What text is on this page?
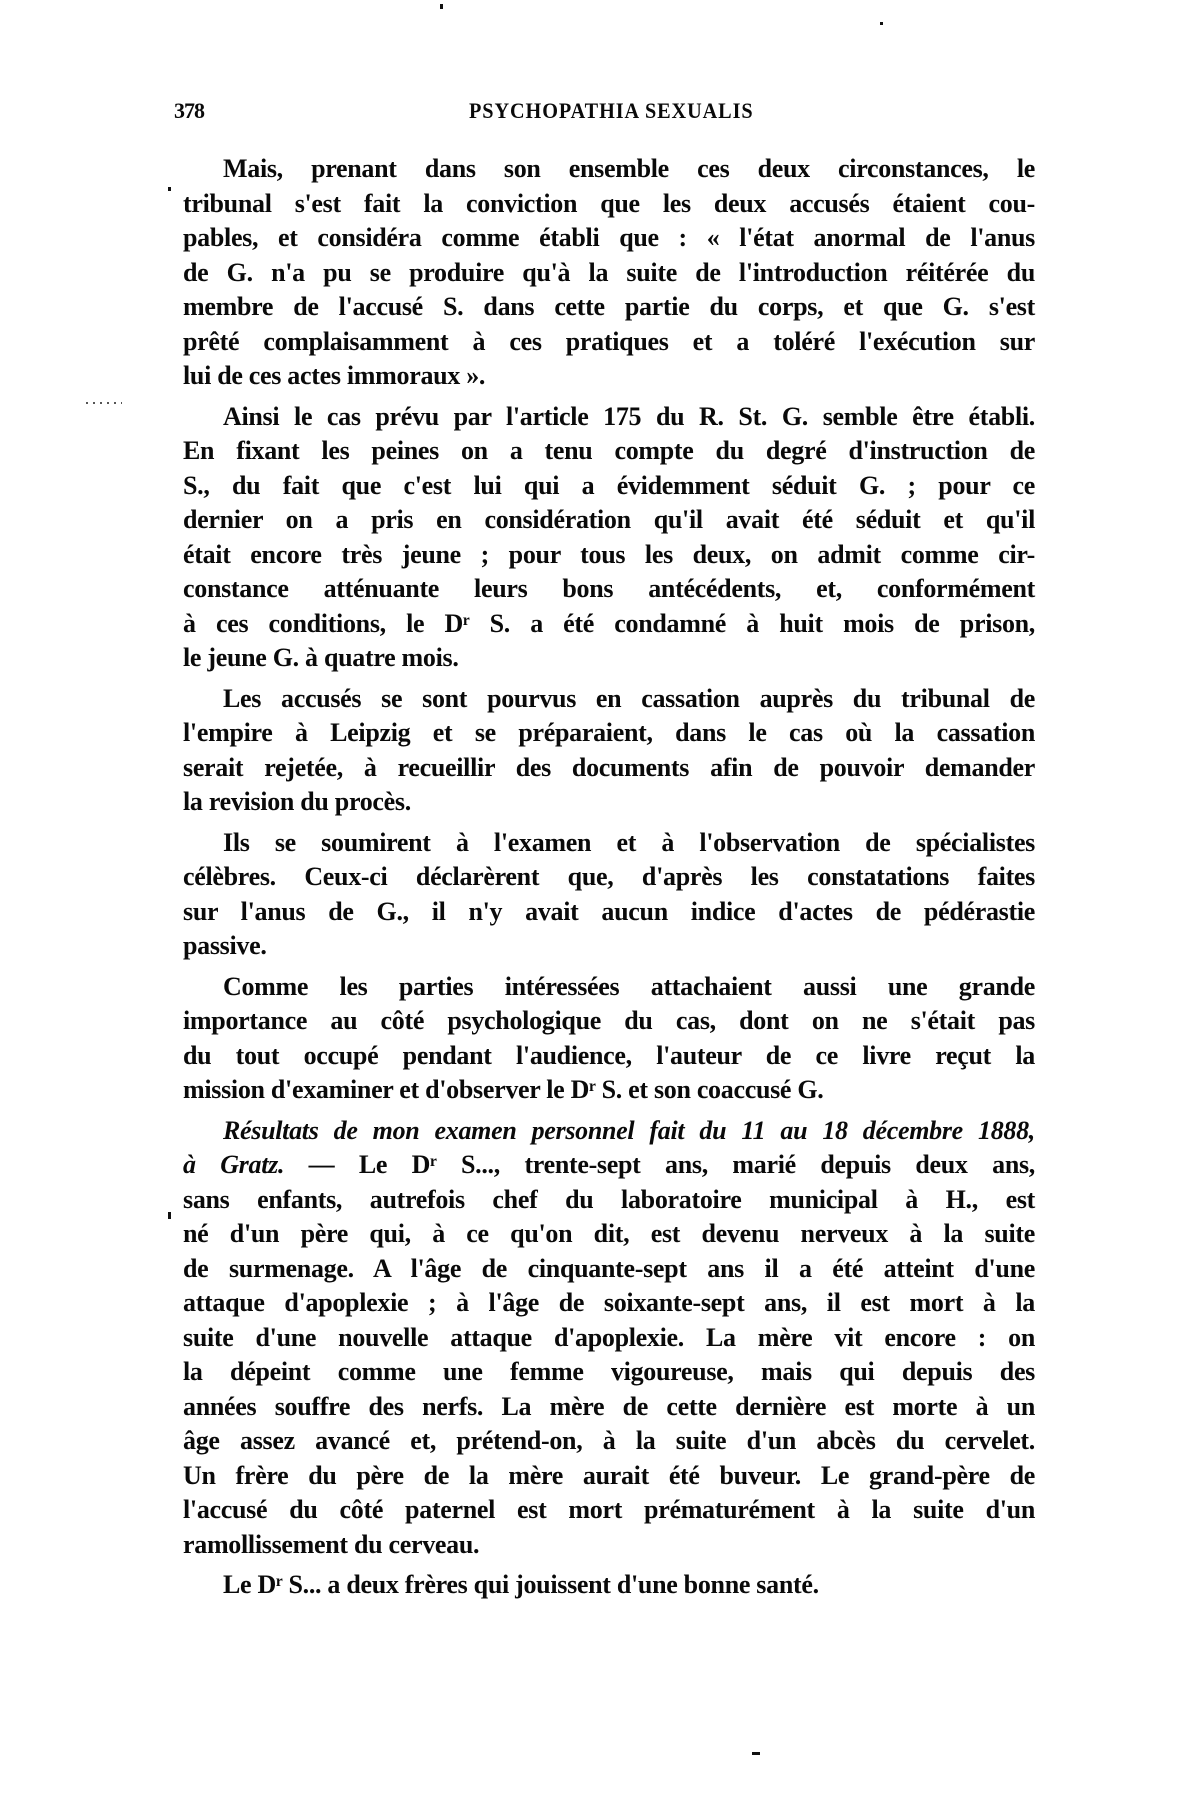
378	PSYCHOPATHIA SEXUALIS
Mais, prenant dans son ensemble ces deux circonstances, le
tribunal s'est fait la conviction que les deux accusés étaient cou-
pables, et considéra comme établi que : « l'état anormal de l'anus
de G. n'a pu se produire qu'à la suite de l'introduction réitérée du
membre de l'accusé S. dans cette partie du corps, et que G. s'est
prêté complaisamment à ces pratiques et a toléré l'exécution sur
lui de ces actes immoraux ».
Ainsi le cas prévu par l'article 175 du R. St. G. semble être établi.
En fixant les peines on a tenu compte du degré d'instruction de
S., du fait que c'est lui qui a évidemment séduit G. ; pour ce
dernier on a pris en considération qu'il avait été séduit et qu'il
était encore très jeune ; pour tous les deux, on admit comme cir-
constance atténuante leurs bons antécédents, et, conformément
à ces conditions, le Dʳ S. a été condamné à huit mois de prison,
le jeune G. à quatre mois.
Les accusés se sont pourvus en cassation auprès du tribunal de
l'empire à Leipzig et se préparaient, dans le cas où la cassation
serait rejetée, à recueillir des documents afin de pouvoir demander
la revision du procès.
Ils se soumirent à l'examen et à l'observation de spécialistes
célèbres. Ceux-ci déclarèrent que, d'après les constatations faites
sur l'anus de G., il n'y avait aucun indice d'actes de pédérastie
passive.
Comme les parties intéressées attachaient aussi une grande
importance au côté psychologique du cas, dont on ne s'était pas
du tout occupé pendant l'audience, l'auteur de ce livre reçut la
mission d'examiner et d'observer le Dʳ S. et son coaccusé G.
Résultats de mon examen personnel fait du 11 au 18 décembre 1888,
à Gratz. — Le Dʳ S..., trente-sept ans, marié depuis deux ans,
sans enfants, autrefois chef du laboratoire municipal à H., est
né d'un père qui, à ce qu'on dit, est devenu nerveux à la suite
de surmenage. A l'âge de cinquante-sept ans il a été atteint d'une
attaque d'apoplexie ; à l'âge de soixante-sept ans, il est mort à la
suite d'une nouvelle attaque d'apoplexie. La mère vit encore : on
la dépeint comme une femme vigoureuse, mais qui depuis des
années souffre des nerfs. La mère de cette dernière est morte à un
âge assez avancé et, prétend-on, à la suite d'un abcès du cervelet.
Un frère du père de la mère aurait été buveur. Le grand-père de
l'accusé du côté paternel est mort prématurément à la suite d'un
ramollissement du cerveau.
Le Dʳ S... a deux frères qui jouissent d'une bonne santé.
